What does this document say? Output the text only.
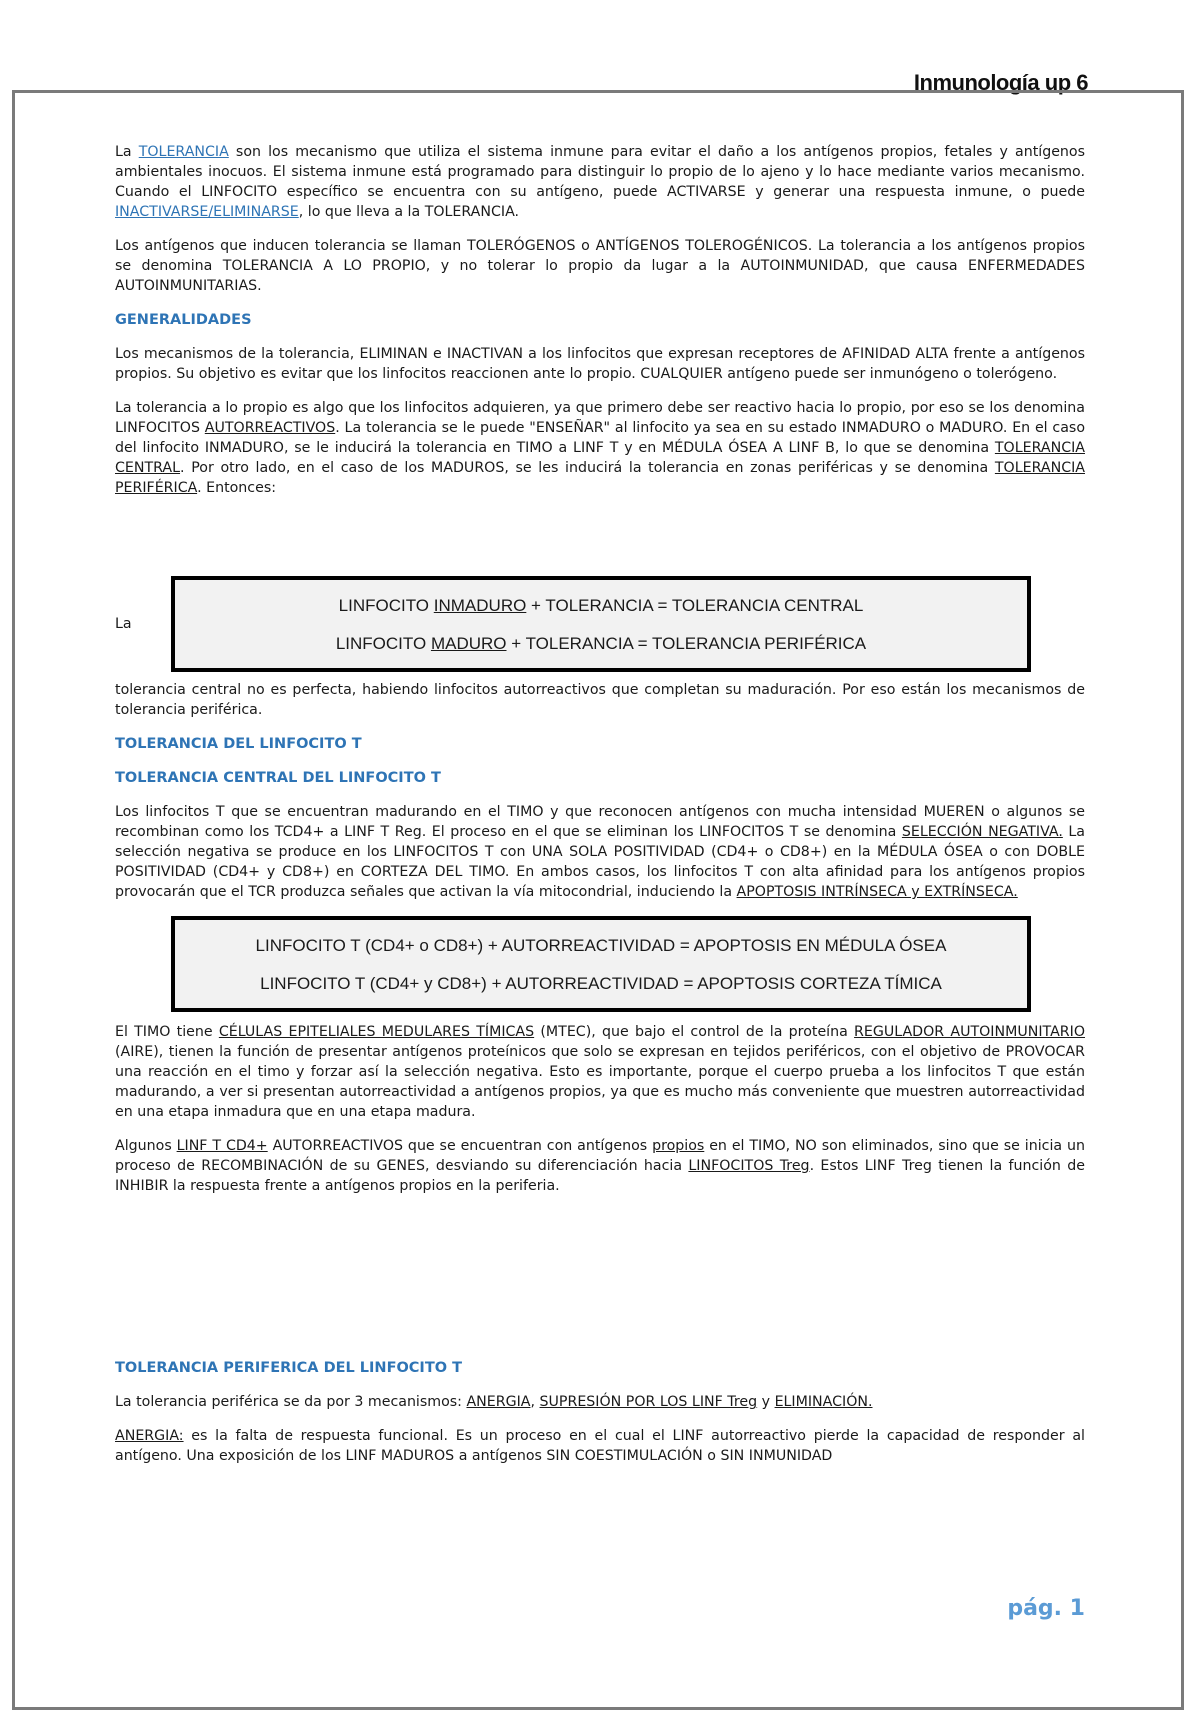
Inmunología up 6

La TOLERANCIA son los mecanismo que utiliza el sistema inmune para evitar el daño a los antígenos propios, fetales y antígenos ambientales inocuos. El sistema inmune está programado para distinguir lo propio de lo ajeno y lo hace mediante varios mecanismo. Cuando el LINFOCITO específico se encuentra con su antígeno, puede ACTIVARSE y generar una respuesta inmune, o puede INACTIVARSE/ELIMINARSE, lo que lleva a la TOLERANCIA.

Los antígenos que inducen tolerancia se llaman TOLERÓGENOS o ANTÍGENOS TOLEROGÉNICOS. La tolerancia a los antígenos propios se denomina TOLERANCIA A LO PROPIO, y no tolerar lo propio da lugar a la AUTOINMUNIDAD, que causa ENFERMEDADES AUTOINMUNITARIAS.

GENERALIDADES

Los mecanismos de la tolerancia, ELIMINAN e INACTIVAN a los linfocitos que expresan receptores de AFINIDAD ALTA frente a antígenos propios. Su objetivo es evitar que los linfocitos reaccionen ante lo propio. CUALQUIER antígeno puede ser inmunógeno o tolerógeno.

La tolerancia a lo propio es algo que los linfocitos adquieren, ya que primero debe ser reactivo hacia lo propio, por eso se los denomina LINFOCITOS AUTORREACTIVOS. La tolerancia se le puede "ENSEÑAR" al linfocito ya sea en su estado INMADURO o MADURO. En el caso del linfocito INMADURO, se le inducirá la tolerancia en TIMO a LINF T y en MÉDULA ÓSEA A LINF B, lo que se denomina TOLERANCIA CENTRAL. Por otro lado, en el caso de los MADUROS, se les inducirá la tolerancia en zonas periféricas y se denomina TOLERANCIA PERIFÉRICA. Entonces:

La
LINFOCITO INMADURO + TOLERANCIA = TOLERANCIA CENTRAL
LINFOCITO MADURO + TOLERANCIA = TOLERANCIA PERIFÉRICA

tolerancia central no es perfecta, habiendo linfocitos autorreactivos que completan su maduración. Por eso están los mecanismos de tolerancia periférica.

TOLERANCIA DEL LINFOCITO T
TOLERANCIA CENTRAL DEL LINFOCITO T

Los linfocitos T que se encuentran madurando en el TIMO y que reconocen antígenos con mucha intensidad MUEREN o algunos se recombinan como los TCD4+ a LINF T Reg. El proceso en el que se eliminan los LINFOCITOS T se denomina SELECCIÓN NEGATIVA. La selección negativa se produce en los LINFOCITOS T con UNA SOLA POSITIVIDAD (CD4+ o CD8+) en la MÉDULA ÓSEA o con DOBLE POSITIVIDAD (CD4+ y CD8+) en CORTEZA DEL TIMO. En ambos casos, los linfocitos T con alta afinidad para los antígenos propios provocarán que el TCR produzca señales que activan la vía mitocondrial, induciendo la APOPTOSIS INTRÍNSECA y EXTRÍNSECA.

LINFOCITO T (CD4+ o CD8+) + AUTORREACTIVIDAD = APOPTOSIS EN MÉDULA ÓSEA
LINFOCITO T (CD4+ y CD8+) + AUTORREACTIVIDAD = APOPTOSIS CORTEZA TÍMICA

El TIMO tiene CÉLULAS EPITELIALES MEDULARES TÍMICAS (MTEC), que bajo el control de la proteína REGULADOR AUTOINMUNITARIO (AIRE), tienen la función de presentar antígenos proteínicos que solo se expresan en tejidos periféricos, con el objetivo de PROVOCAR una reacción en el timo y forzar así la selección negativa. Esto es importante, porque el cuerpo prueba a los linfocitos T que están madurando, a ver si presentan autorreactividad a antígenos propios, ya que es mucho más conveniente que muestren autorreactividad en una etapa inmadura que en una etapa madura.

Algunos LINF T CD4+ AUTORREACTIVOS que se encuentran con antígenos propios en el TIMO, NO son eliminados, sino que se inicia un proceso de RECOMBINACIÓN de su GENES, desviando su diferenciación hacia LINFOCITOS Treg. Estos LINF Treg tienen la función de INHIBIR la respuesta frente a antígenos propios en la periferia.

TOLERANCIA PERIFERICA DEL LINFOCITO T

La tolerancia periférica se da por 3 mecanismos: ANERGIA, SUPRESIÓN POR LOS LINF Treg y ELIMINACIÓN.

ANERGIA: es la falta de respuesta funcional. Es un proceso en el cual el LINF autorreactivo pierde la capacidad de responder al antígeno. Una exposición de los LINF MADUROS a antígenos SIN COESTIMULACIÓN o SIN INMUNIDAD

pág. 1
